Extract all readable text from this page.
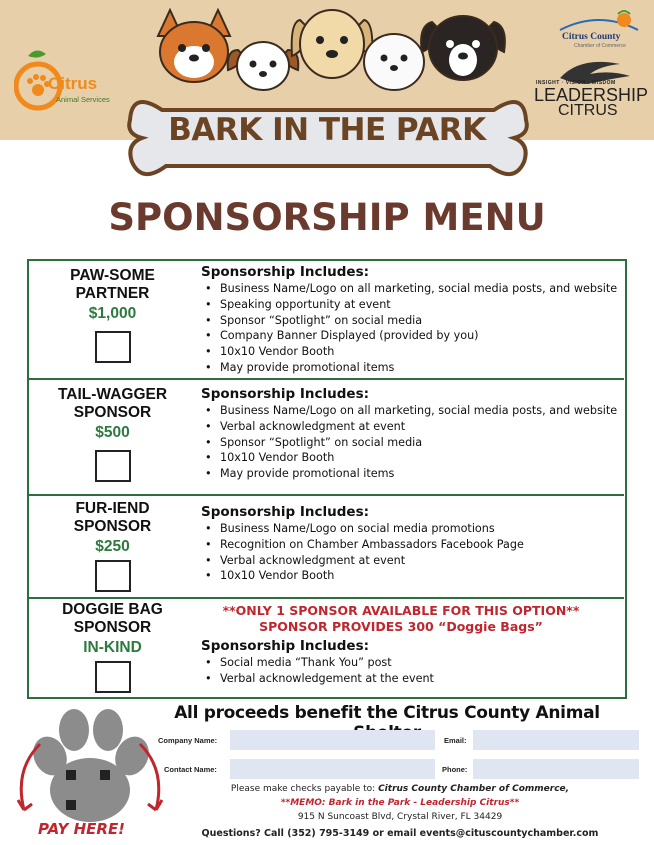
Citrus
Animal Services
Citrus County
Chamber of Commerce
INSIGHT · VISION · WISDOM
LEADERSHIP
CITRUS
BARK IN THE PARK
SPONSORSHIP MENU
PAW-SOME
PARTNER
$1,000
Sponsorship Includes:
• Business Name/Logo on all marketing, social media posts, and website
• Speaking opportunity at event
• Sponsor “Spotlight” on social media
• Company Banner Displayed (provided by you)
• 10x10 Vendor Booth
• May provide promotional items
TAIL-WAGGER
SPONSOR
$500
Sponsorship Includes:
• Business Name/Logo on all marketing, social media posts, and website
• Verbal acknowledgment at event
• Sponsor “Spotlight” on social media
• 10x10 Vendor Booth
• May provide promotional items
FUR-IEND
SPONSOR
$250
Sponsorship Includes:
• Business Name/Logo on social media promotions
• Recognition on Chamber Ambassadors Facebook Page
• Verbal acknowledgment at event
• 10x10 Vendor Booth
DOGGIE BAG
SPONSOR
IN-KIND
**ONLY 1 SPONSOR AVAILABLE FOR THIS OPTION**
SPONSOR PROVIDES 300 “Doggie Bags”
Sponsorship Includes:
• Social media “Thank You” post
• Verbal acknowledgement at the event
PAY HERE!
All proceeds benefit the Citrus County Animal
Company Name:	Email:
Contact Name:	Phone:
Please make checks payable to: Citrus County Chamber of Commerce,
**MEMO: Bark in the Park - Leadership Citrus**
915 N Suncoast Blvd, Crystal River, FL 34429
Questions? Call (352) 795-3149 or email events@cituscountychamber.com
